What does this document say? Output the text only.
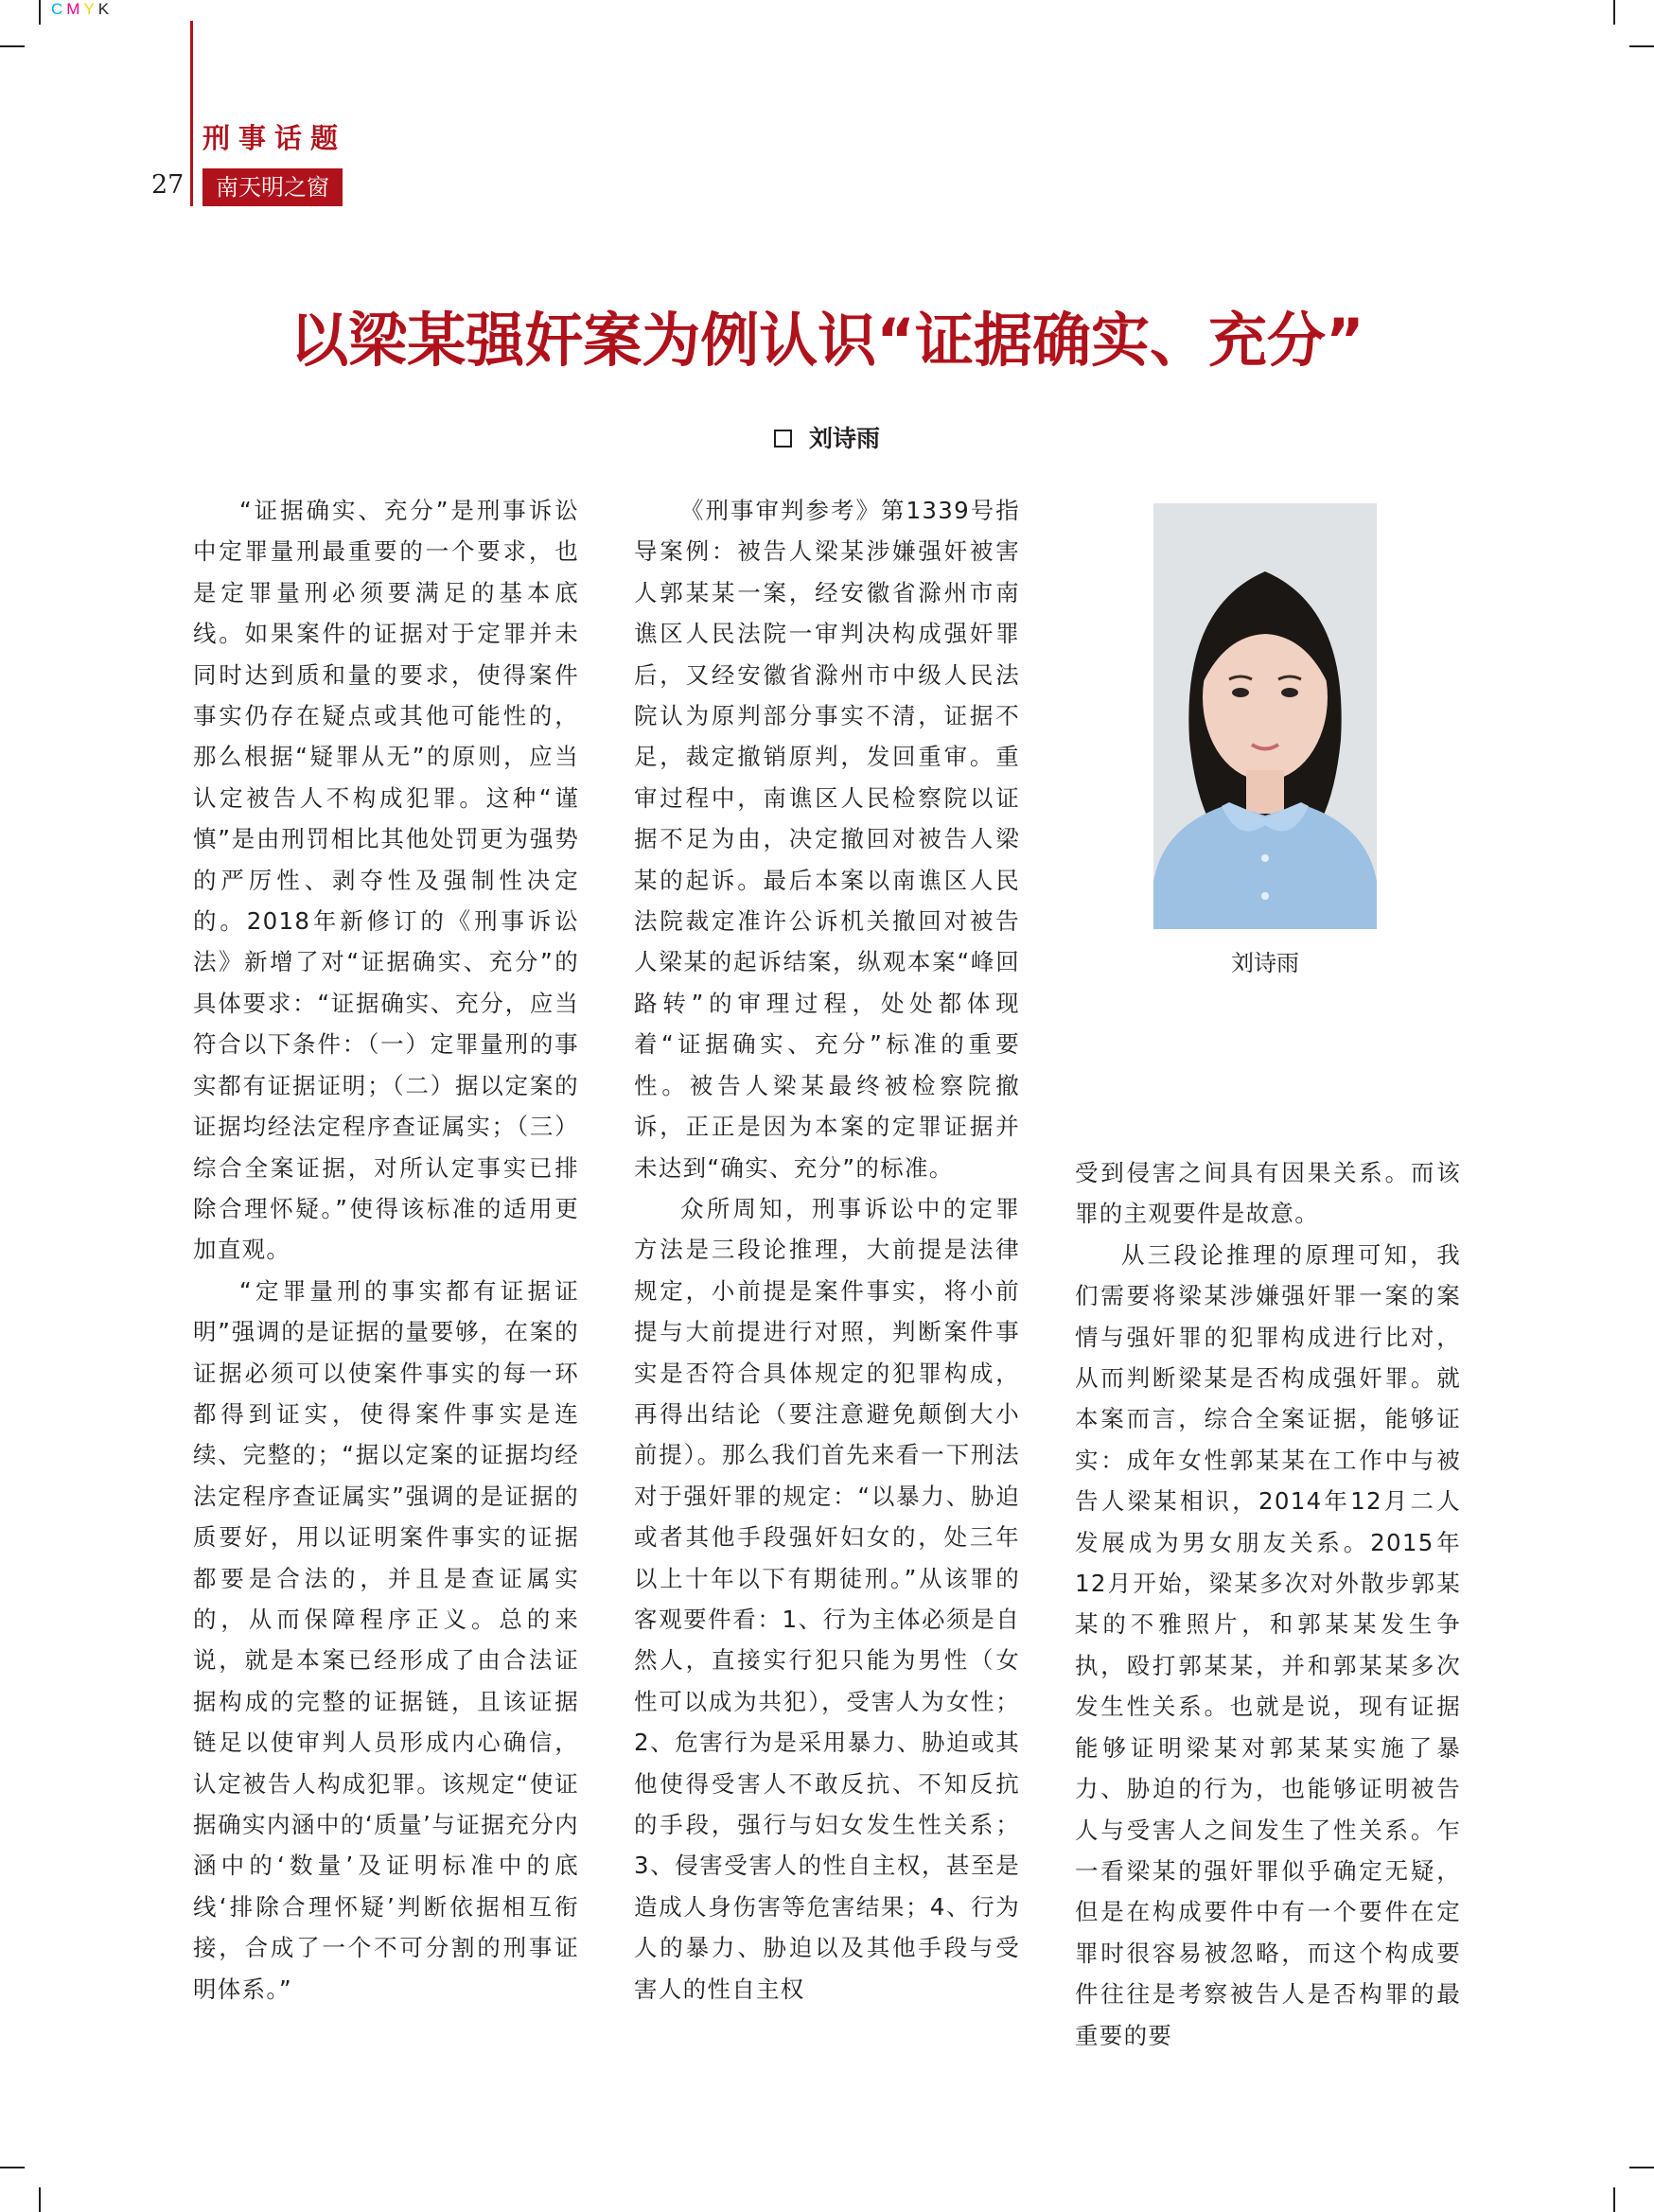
CMYK
刑事话题
27	南天明之窗
以梁某强奸案为例认识“证据确实、充分”
刘诗雨

“证据确实、充分”是刑事诉讼中定罪量刑最重要的一个要求，也是定罪量刑必须要满足的基本底线。如果案件的证据对于定罪并未同时达到质和量的要求，使得案件事实仍存在疑点或其他可能性的，那么根据“疑罪从无”的原则，应当认定被告人不构成犯罪。这种“谨慎”是由刑罚相比其他处罚更为强势的严厉性、剥夺性及强制性决定的。2018年新修订的《刑事诉讼法》新增了对“证据确实、充分”的具体要求：“证据确实、充分，应当符合以下条件：（一）定罪量刑的事实都有证据证明；（二）据以定案的证据均经法定程序查证属实；（三）综合全案证据，对所认定事实已排除合理怀疑。”使得该标准的适用更加直观。

“定罪量刑的事实都有证据证明”强调的是证据的量要够，在案的证据必须可以使案件事实的每一环都得到证实，使得案件事实是连续、完整的；“据以定案的证据均经法定程序查证属实”强调的是证据的质要好，用以证明案件事实的证据都要是合法的，并且是查证属实的，从而保障程序正义。总的来说，就是本案已经形成了由合法证据构成的完整的证据链，且该证据链足以使审判人员形成内心确信，认定被告人构成犯罪。该规定“使证据确实内涵中的‘质量’与证据充分内涵中的‘数量’及证明标准中的底线‘排除合理怀疑’判断依据相互衔接，合成了一个不可分割的刑事证明体系。”

《刑事审判参考》第1339号指导案例：被告人梁某涉嫌强奸被害人郭某某一案，经安徽省滁州市南谯区人民法院一审判决构成强奸罪后，又经安徽省滁州市中级人民法院认为原判部分事实不清，证据不足，裁定撤销原判，发回重审。重审过程中，南谯区人民检察院以证据不足为由，决定撤回对被告人梁某的起诉。最后本案以南谯区人民法院裁定准许公诉机关撤回对被告人梁某的起诉结案，纵观本案“峰回路转”的审理过程，处处都体现着“证据确实、充分”标准的重要性。被告人梁某最终被检察院撤诉，正正是因为本案的定罪证据并未达到“确实、充分”的标准。

众所周知，刑事诉讼中的定罪方法是三段论推理，大前提是法律规定，小前提是案件事实，将小前提与大前提进行对照，判断案件事实是否符合具体规定的犯罪构成，再得出结论（要注意避免颠倒大小前提）。那么我们首先来看一下刑法对于强奸罪的规定：“以暴力、胁迫或者其他手段强奸妇女的，处三年以上十年以下有期徒刑。”从该罪的客观要件看：1、行为主体必须是自然人，直接实行犯只能为男性（女性可以成为共犯），受害人为女性；2、危害行为是采用暴力、胁迫或其他使得受害人不敢反抗、不知反抗的手段，强行与妇女发生性关系；3、侵害受害人的性自主权，甚至是造成人身伤害等危害结果；4、行为人的暴力、胁迫以及其他手段与受害人的性自主权

受到侵害之间具有因果关系。而该罪的主观要件是故意。

从三段论推理的原理可知，我们需要将梁某涉嫌强奸罪一案的案情与强奸罪的犯罪构成进行比对，从而判断梁某是否构成强奸罪。就本案而言，综合全案证据，能够证实：成年女性郭某某在工作中与被告人梁某相识，2014年12月二人发展成为男女朋友关系。2015年12月开始，梁某多次对外散步郭某某的不雅照片，和郭某某发生争执，殴打郭某某，并和郭某某多次发生性关系。也就是说，现有证据能够证明梁某对郭某某实施了暴力、胁迫的行为，也能够证明被告人与受害人之间发生了性关系。乍一看梁某的强奸罪似乎确定无疑，但是在构成要件中有一个要件在定罪时很容易被忽略，而这个构成要件往往是考察被告人是否构罪的最重要的要

刘诗雨
